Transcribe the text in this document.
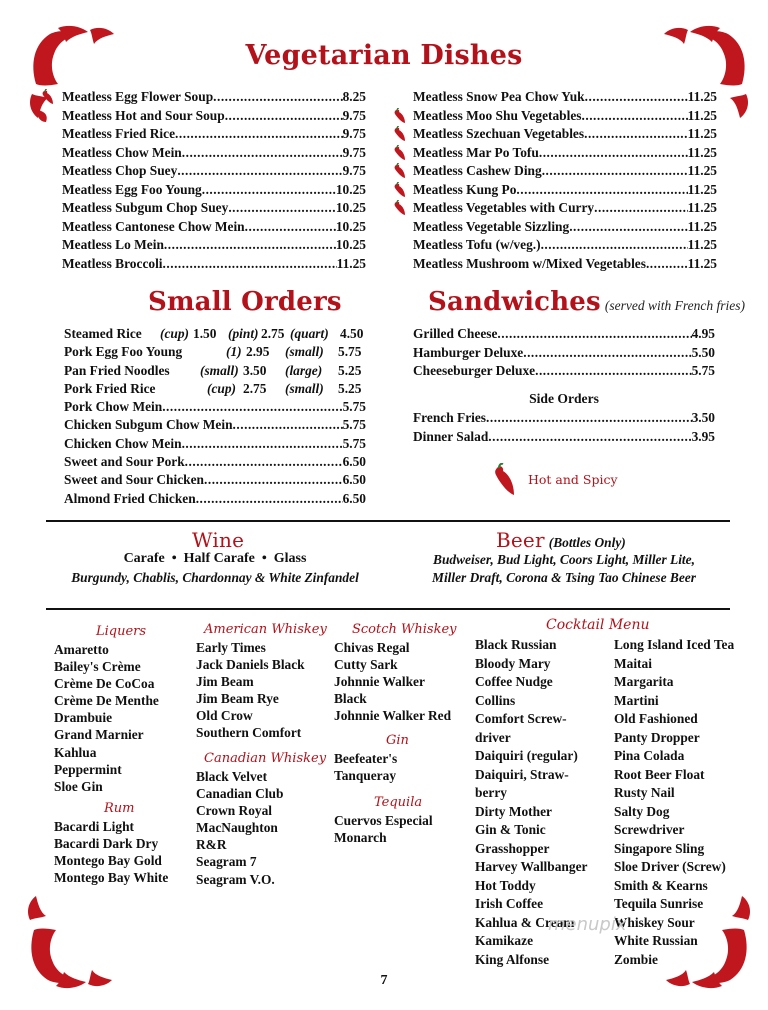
Vegetarian Dishes
Meatless Egg Flower Soup .....	8.25
Meatless Hot and Sour Soup .....	9.75
Meatless Fried Rice .....	9.75
Meatless Chow Mein .....	9.75
Meatless Chop Suey .....	9.75
Meatless Egg Foo Young .....	10.25
Meatless Subgum Chop Suey .....	10.25
Meatless Cantonese Chow Mein .....	10.25
Meatless Lo Mein .....	10.25
Meatless Broccoli .....	11.25
Meatless Snow Pea Chow Yuk .....	11.25
Meatless Moo Shu Vegetables .....	11.25
Meatless Szechuan Vegetables .....	11.25
Meatless Mar Po Tofu .....	11.25
Meatless Cashew Ding .....	11.25
Meatless Kung Po .....	11.25
Meatless Vegetables with Curry .....	11.25
Meatless Vegetable Sizzling .....	11.25
Meatless Tofu (w/veg.) .....	11.25
Meatless Mushroom w/Mixed Vegetables .....	11.25
Small Orders
Steamed Rice (cup) 1.50 (pint) 2.75 (quart) 4.50
Pork Egg Foo Young	(1) 2.95 (small) 5.75
Pan Fried Noodles (small) 3.50 (large) 5.25
Pork Fried Rice	(cup) 2.75 (small) 5.25
Pork Chow Mein .....	5.75
Chicken Subgum Chow Mein .....	5.75
Chicken Chow Mein .....	5.75
Sweet and Sour Pork .....	6.50
Sweet and Sour Chicken .....	6.50
Almond Fried Chicken .....	6.50
Sandwiches (served with French fries)
Grilled Cheese .....	4.95
Hamburger Deluxe .....	5.50
Cheeseburger Deluxe .....	5.75
Side Orders
French Fries .....	3.50
Dinner Salad .....	3.95
Hot and Spicy
Wine
Carafe  •  Half Carafe  •  Glass
Burgundy, Chablis, Chardonnay & White Zinfandel
Beer (Bottles Only)
Budweiser, Bud Light, Coors Light, Miller Lite,
Miller Draft, Corona & Tsing Tao Chinese Beer
Liquers
Rum
American Whiskey
Canadian Whiskey
Scotch Whiskey
Gin
Tequila
Cocktail Menu
Amaretto
Bailey's Crème
Crème De CoCoa
Crème De Menthe
Drambuie
Grand Marnier
Kahlua
Peppermint
Sloe Gin
Bacardi Light
Bacardi Dark Dry
Montego Bay Gold
Montego Bay White
Early Times
Jack Daniels Black
Jim Beam
Jim Beam Rye
Old Crow
Southern Comfort
Black Velvet
Canadian Club
Crown Royal
MacNaughton
R&R
Seagram 7
Seagram V.O.
Chivas Regal
Cutty Sark
Johnnie Walker
Black
Johnnie Walker Red
Beefeater's
Tanqueray
Cuervos Especial
Monarch
Black Russian
Bloody Mary
Coffee Nudge
Collins
Comfort Screw-
driver
Daiquiri (regular)
Daiquiri, Straw-
berry
Dirty Mother
Gin & Tonic
Grasshopper
Harvey Wallbanger
Hot Toddy
Irish Coffee
Kahlua & Cream
Kamikaze
King Alfonse
Long Island Iced Tea
Maitai
Margarita
Martini
Old Fashioned
Panty Dropper
Pina Colada
Root Beer Float
Rusty Nail
Salty Dog
Screwdriver
Singapore Sling
Sloe Driver (Screw)
Smith & Kearns
Tequila Sunrise
Whiskey Sour
White Russian
Zombie
menupix
7
